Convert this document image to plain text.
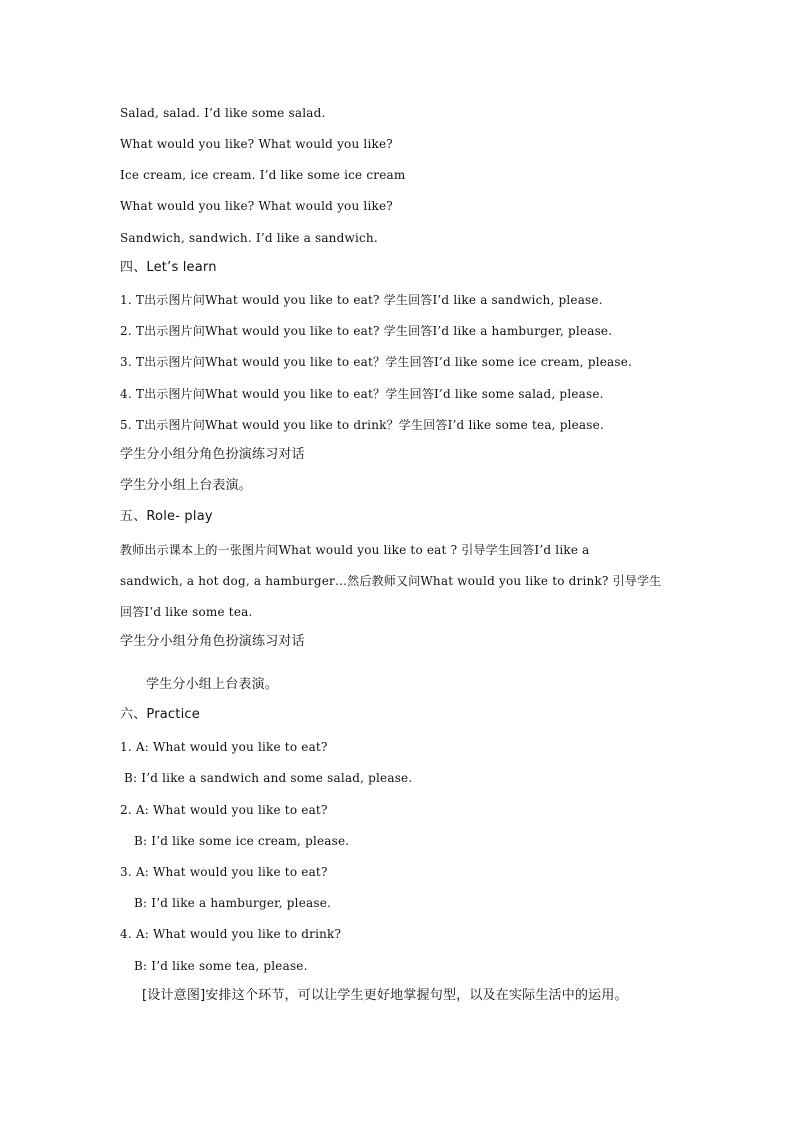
Salad, salad. I’d like some salad.
What would you like? What would you like?
Ice cream, ice cream. I’d like some ice cream
What would you like? What would you like?
Sandwich, sandwich. I’d like a sandwich.
四、Let’s learn
1. T出示图片问What would you like to eat? 学生回答I’d like a sandwich, please.
2. T出示图片问What would you like to eat? 学生回答I’d like a hamburger, please.
3. T出示图片问What would you like to eat？学生回答I’d like some ice cream, please.
4. T出示图片问What would you like to eat？学生回答I’d like some salad, please.
5. T出示图片问What would you like to drink？学生回答I’d like some tea, please.
学生分小组分角色扮演练习对话
学生分小组上台表演。
五、Role- play
教师出示课本上的一张图片问What would you like to eat ? 引导学生回答I’d like a
sandwich, a hot dog, a hamburger…然后教师又问What would you like to drink? 引导学生
回答I’d like some tea.
学生分小组分角色扮演练习对话
学生分小组上台表演。
六、Practice
1. A: What would you like to eat?
B: I’d like a sandwich and some salad, please.
2. A: What would you like to eat?
B: I’d like some ice cream, please.
3. A: What would you like to eat?
B: I’d like a hamburger, please.
4. A: What would you like to drink?
B: I’d like some tea, please.
[设计意图]安排这个环节，可以让学生更好地掌握句型，以及在实际生活中的运用。
